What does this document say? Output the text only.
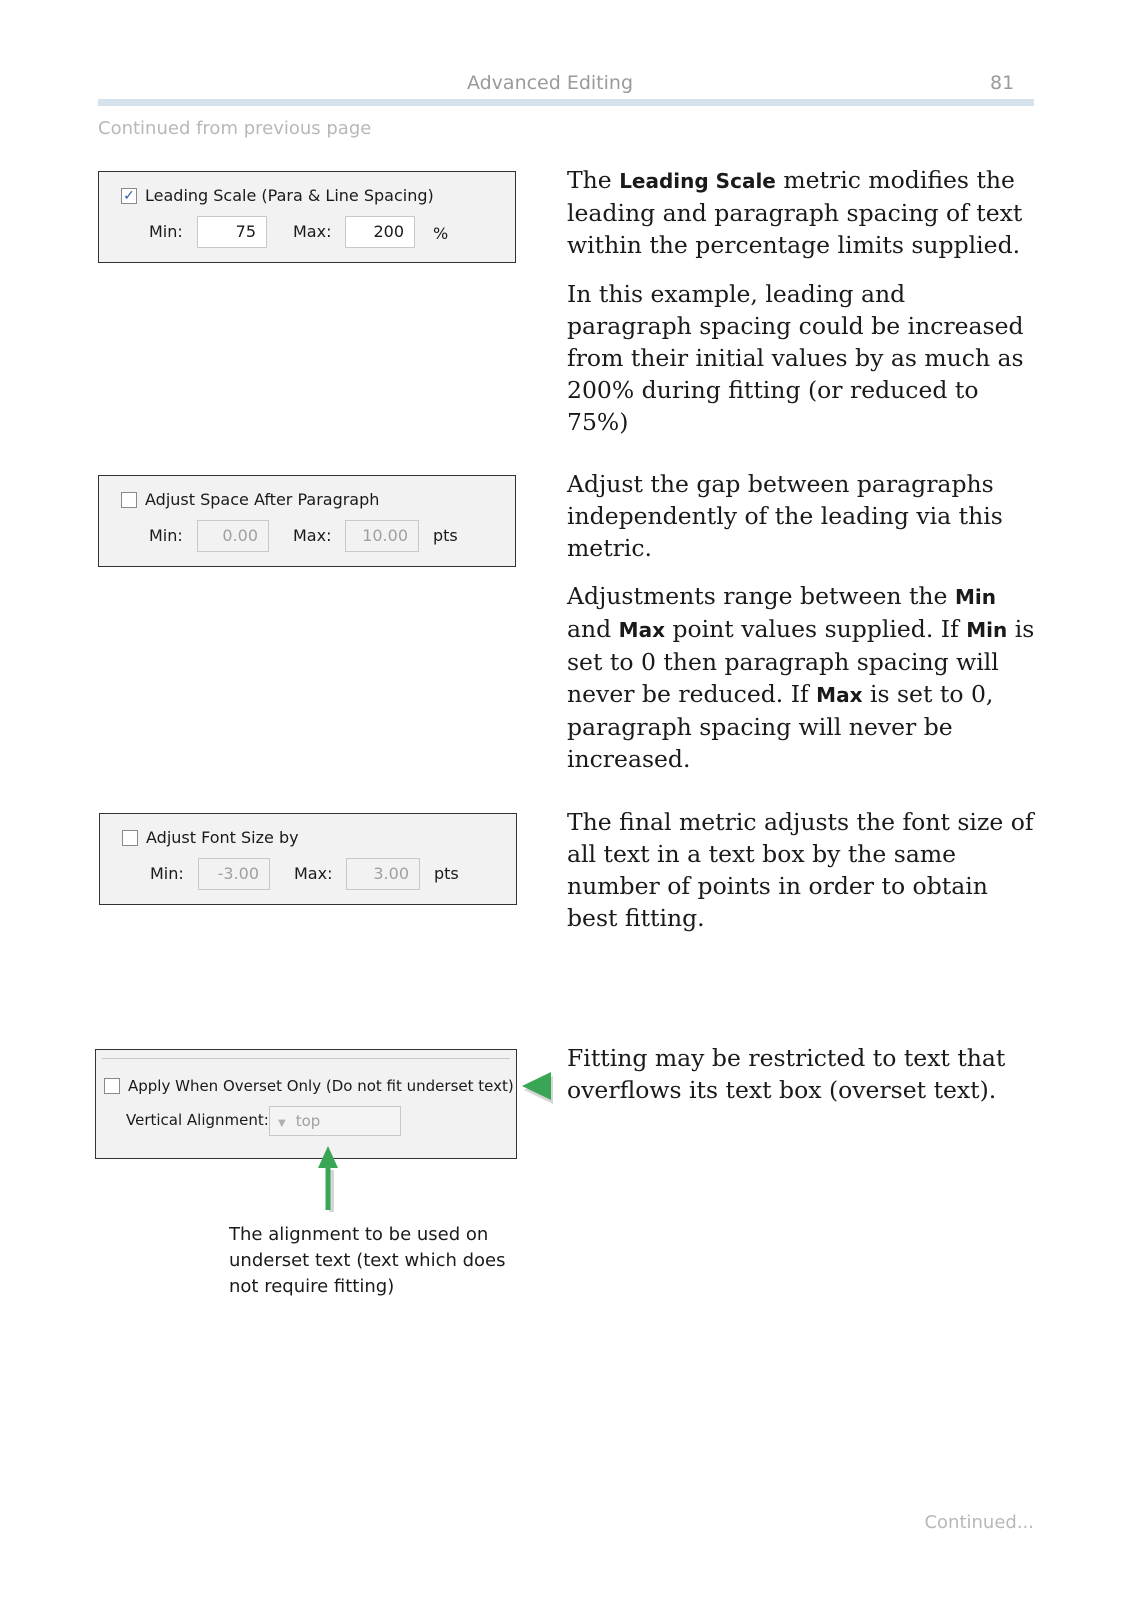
Advanced Editing	81
Continued from previous page
✓ Leading Scale (Para & Line Spacing)
Min:	75	Max:	200	%
Adjust Space After Paragraph
Min:	0.00	Max:	10.00	pts
Adjust Font Size by
Min:	-3.00	Max:	3.00	pts
Apply When Overset Only (Do not fit underset text)
Vertical Alignment: ▼ top
The alignment to be used on underset text (text which does not require fitting)

The Leading Scale metric modifies the leading and paragraph spacing of text within the percentage limits supplied.

In this example, leading and paragraph spacing could be increased from their initial values by as much as 200% during fitting (or reduced to 75%)

Adjust the gap between paragraphs independently of the leading via this metric.

Adjustments range between the Min and Max point values supplied. If Min is set to 0 then paragraph spacing will never be reduced. If Max is set to 0, paragraph spacing will never be increased.

The final metric adjusts the font size of all text in a text box by the same number of points in order to obtain best fitting.

Fitting may be restricted to text that overflows its text box (overset text).

Continued...
